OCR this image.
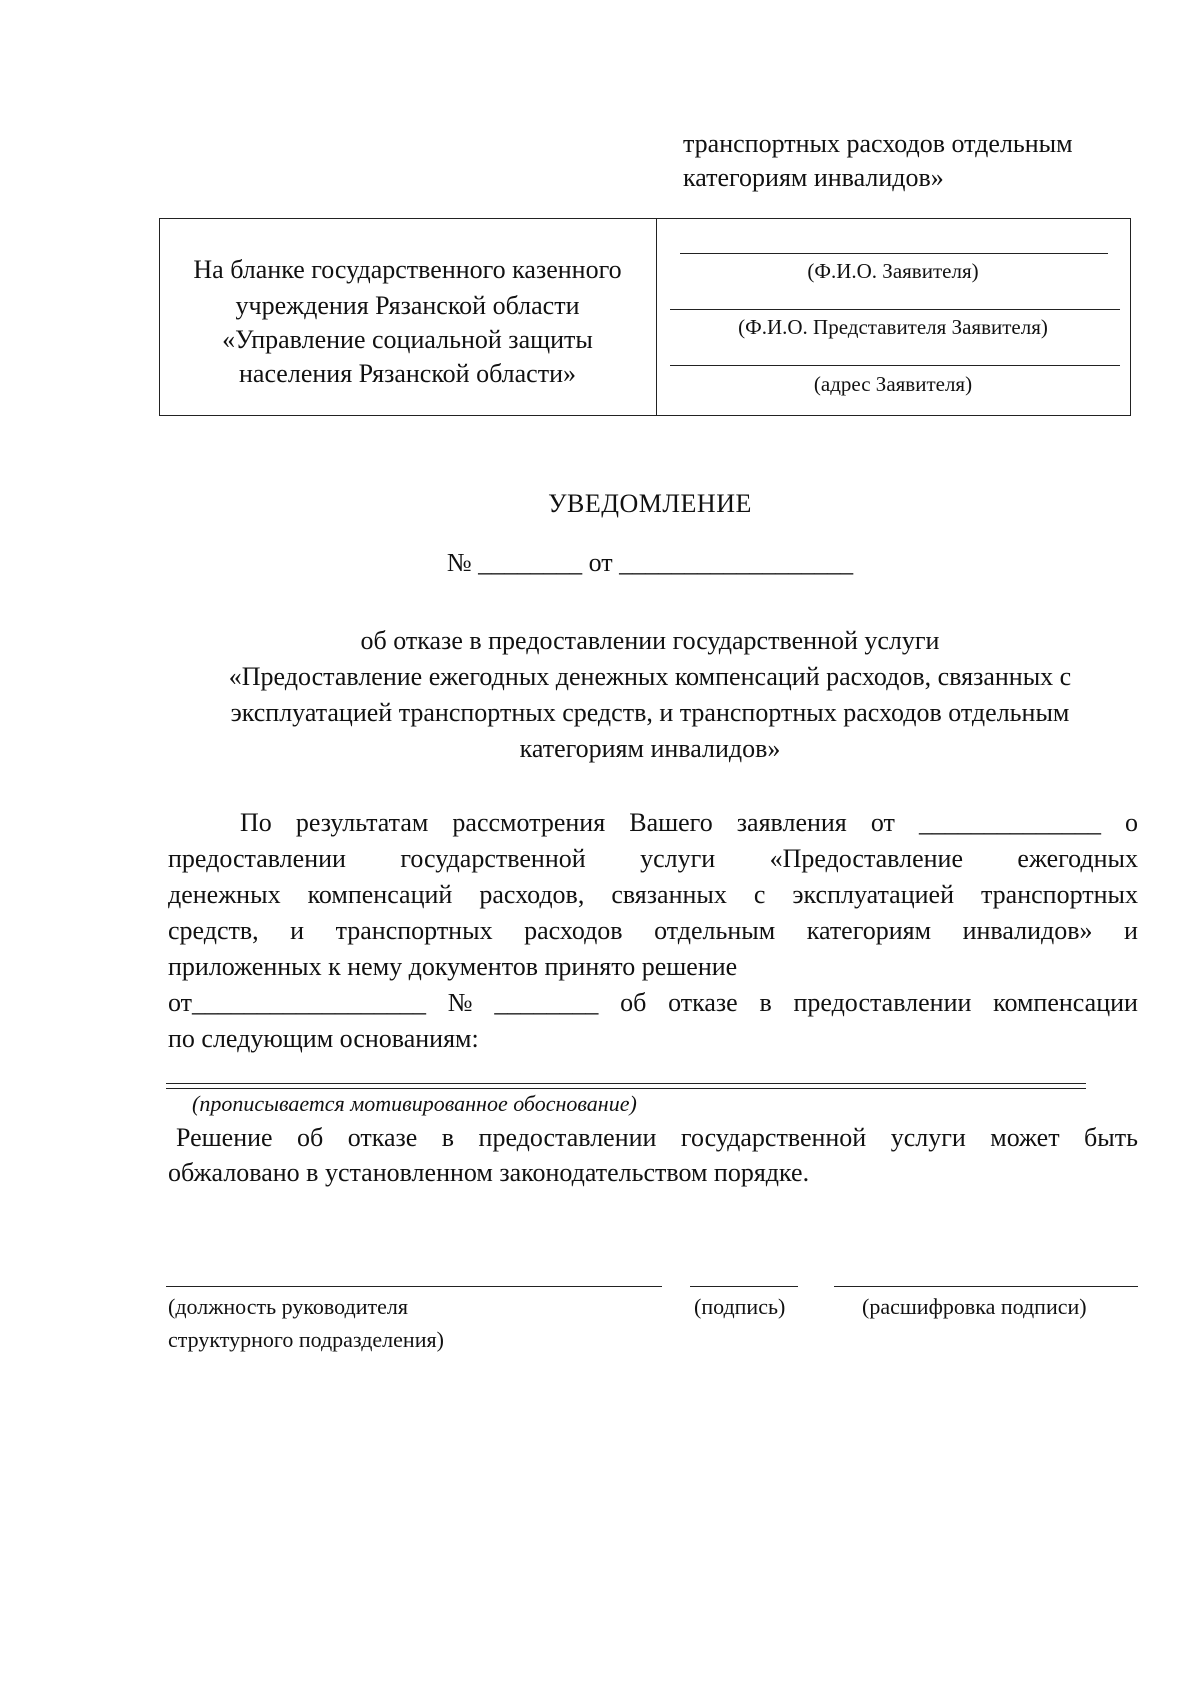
транспортных расходов отдельным
категориям инвалидов»
На бланке государственного казенного
учреждения Рязанской области
«Управление социальной защиты
населения Рязанской области»
(Ф.И.О. Заявителя)
(Ф.И.О. Представителя Заявителя)
(адрес Заявителя)
УВЕДОМЛЕНИЕ
№ ________ от __________________
об отказе в предоставлении государственной услуги
«Предоставление ежегодных денежных компенсаций расходов, связанных с
эксплуатацией транспортных средств, и транспортных расходов отдельным
категориям инвалидов»
По результатам рассмотрения Вашего заявления от ______________ о
предоставлении государственной услуги «Предоставление ежегодных
денежных компенсаций расходов, связанных с эксплуатацией транспортных
средств, и транспортных расходов отдельным категориям инвалидов» и
приложенных к нему документов принято решение
от__________________ № ________ об отказе в предоставлении компенсации
по следующим основаниям:
(прописывается мотивированное обоснование)
Решение об отказе в предоставлении государственной услуги может быть
обжаловано в установленном законодательством порядке.
(должность руководителя
структурного подразделения)
(подпись)	(расшифровка подписи)
